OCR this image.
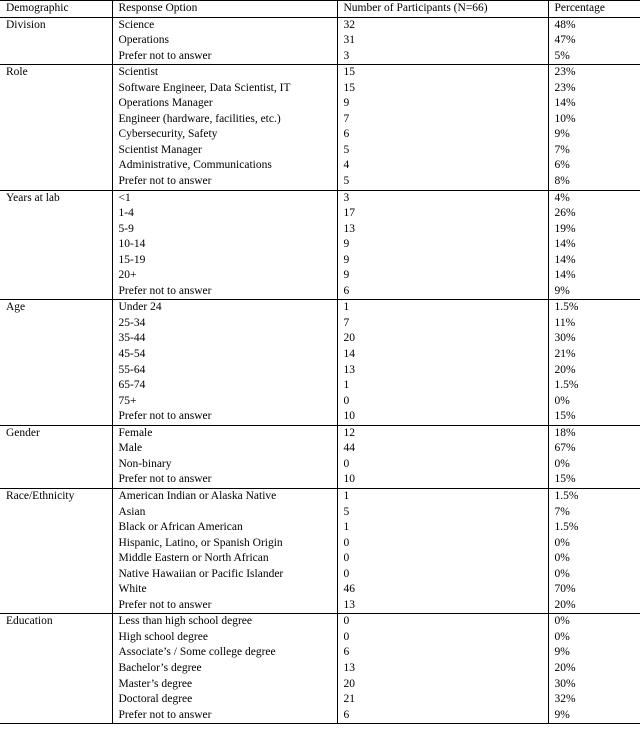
Demographic	Response Option	Number of Participants (N=66)	Percentage
Division	Science	32	48%
	Operations	31	47%
	Prefer not to answer	3	5%
Role	Scientist	15	23%
	Software Engineer, Data Scientist, IT	15	23%
	Operations Manager	9	14%
	Engineer (hardware, facilities, etc.)	7	10%
	Cybersecurity, Safety	6	9%
	Scientist Manager	5	7%
	Administrative, Communications	4	6%
	Prefer not to answer	5	8%
Years at lab	<1	3	4%
	1-4	17	26%
	5-9	13	19%
	10-14	9	14%
	15-19	9	14%
	20+	9	14%
	Prefer not to answer	6	9%
Age	Under 24	1	1.5%
	25-34	7	11%
	35-44	20	30%
	45-54	14	21%
	55-64	13	20%
	65-74	1	1.5%
	75+	0	0%
	Prefer not to answer	10	15%
Gender	Female	12	18%
	Male	44	67%
	Non-binary	0	0%
	Prefer not to answer	10	15%
Race/Ethnicity	American Indian or Alaska Native	1	1.5%
	Asian	5	7%
	Black or African American	1	1.5%
	Hispanic, Latino, or Spanish Origin	0	0%
	Middle Eastern or North African	0	0%
	Native Hawaiian or Pacific Islander	0	0%
	White	46	70%
	Prefer not to answer	13	20%
Education	Less than high school degree	0	0%
	High school degree	0	0%
	Associate’s / Some college degree	6	9%
	Bachelor’s degree	13	20%
	Master’s degree	20	30%
	Doctoral degree	21	32%
	Prefer not to answer	6	9%
